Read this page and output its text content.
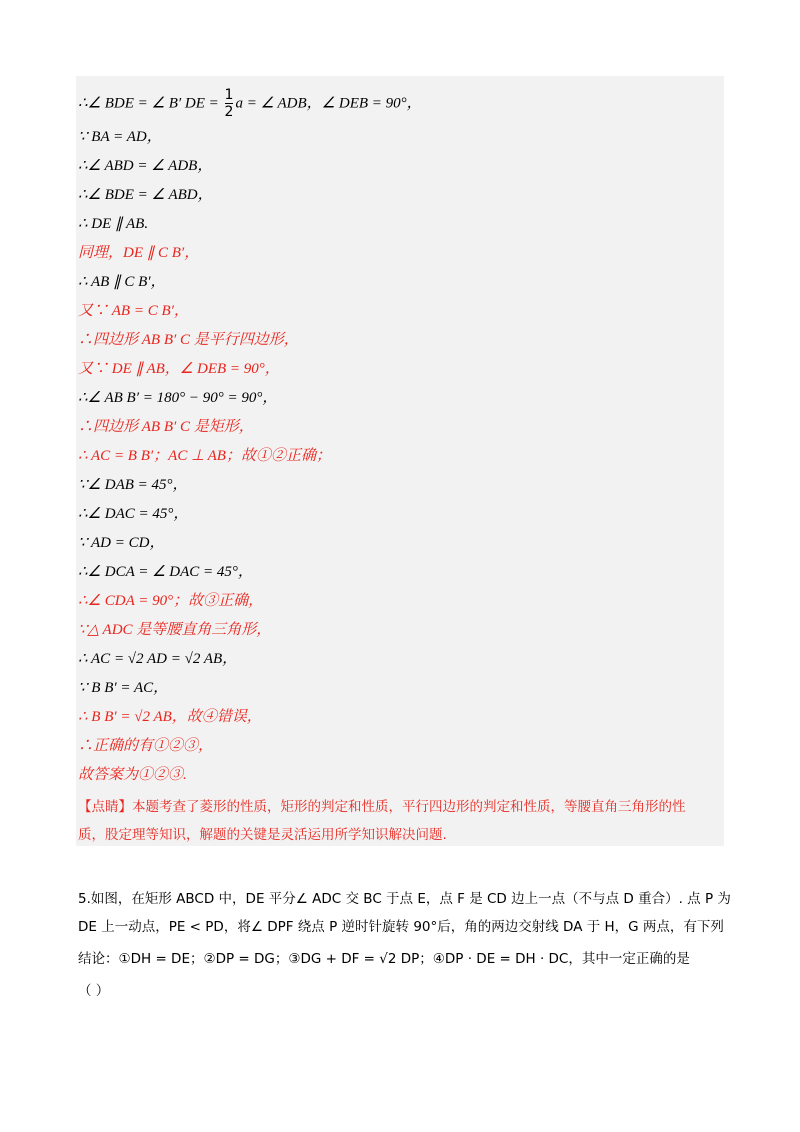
∴∠ BDE = ∠ B′ DE = $\frac{1}{2}$ a = ∠ ADB，∠ DEB = 90°，
∵ BA = AD，
∴∠ ABD = ∠ ADB，
∴∠ BDE = ∠ ABD，
∴ DE ∥ AB.
同理，DE ∥ C B′，
∴ AB ∥ C B′，
又∵ AB = C B′，
∴四边形 AB B′ C 是平行四边形，
又∵ DE ∥ AB，∠ DEB = 90°，
∴∠ AB B′ = 180° − 90° = 90°，
∴四边形 AB B′ C 是矩形，
∴ AC = B B′；AC ⊥ AB；故①②正确；
∵∠ DAB = 45°，
∴∠ DAC = 45°，
∵ AD = CD，
∴∠ DCA = ∠ DAC = 45°，
∴∠ CDA = 90°；故③正确，
∵△ ADC 是等腰直角三角形，
∴ AC = √2 AD = √2 AB，
∵ B B′ = AC，
∴ B B′ = √2 AB，故④错误，
∴正确的有①②③，
故答案为①②③.
【点睛】本题考查了菱形的性质，矩形的判定和性质，平行四边形的判定和性质，等腰直角三角形的性
质，股定理等知识，解题的关键是灵活运用所学知识解决问题.
5.如图，在矩形 ABCD 中，DE 平分∠ ADC 交 BC 于点 E，点 F 是 CD 边上一点（不与点 D 重合）. 点 P 为
DE 上一动点，PE < PD，将∠ DPF 绕点 P 逆时针旋转 90°后，角的两边交射线 DA 于 H，G 两点，有下列
结论：①DH = DE；②DP = DG；③DG + DF = √2 DP；④DP · DE = DH · DC，其中一定正确的是
（ ）
